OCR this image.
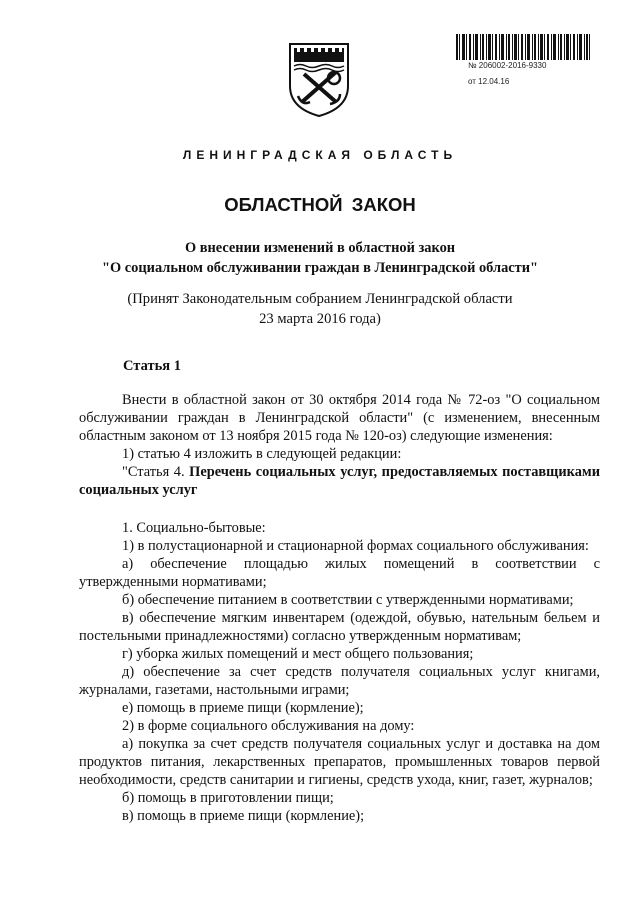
№ 206002-2016-9330
от 12.04.16
ЛЕНИНГРАДСКАЯ ОБЛАСТЬ
ОБЛАСТНОЙ ЗАКОН
О внесении изменений в областной закон
"О социальном обслуживании граждан в Ленинградской области"
(Принят Законодательным собранием Ленинградской области
23 марта 2016 года)
Статья 1

Внести в областной закон от 30 октября 2014 года № 72-оз "О социальном обслуживании граждан в Ленинградской области" (с изменением, внесенным областным законом от 13 ноября 2015 года № 120-оз) следующие изменения:

1) статью 4 изложить в следующей редакции:

"Статья 4. Перечень социальных услуг, предоставляемых поставщиками социальных услуг

1. Социально-бытовые:

1) в полустационарной и стационарной формах социального обслуживания:

а) обеспечение площадью жилых помещений в соответствии с утвержденными нормативами;

б) обеспечение питанием в соответствии с утвержденными нормативами;

в) обеспечение мягким инвентарем (одеждой, обувью, нательным бельем и постельными принадлежностями) согласно утвержденным нормативам;

г) уборка жилых помещений и мест общего пользования;

д) обеспечение за счет средств получателя социальных услуг книгами, журналами, газетами, настольными играми;

е) помощь в приеме пищи (кормление);

2) в форме социального обслуживания на дому:

а) покупка за счет средств получателя социальных услуг и доставка на дом продуктов питания, лекарственных препаратов, промышленных товаров первой необходимости, средств санитарии и гигиены, средств ухода, книг, газет, журналов;

б) помощь в приготовлении пищи;

в) помощь в приеме пищи (кормление);
